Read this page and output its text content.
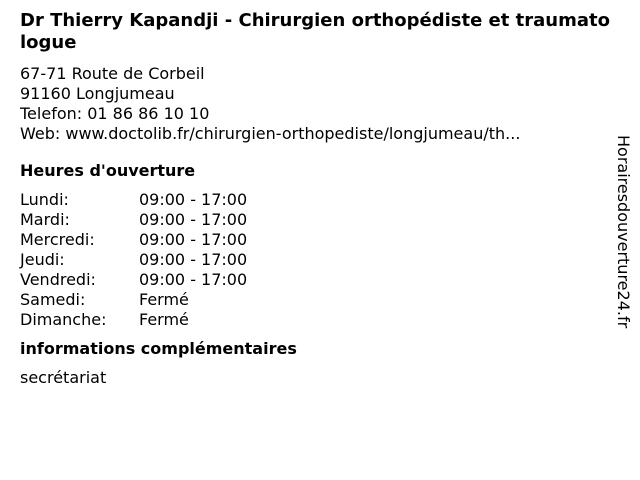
Dr Thierry Kapandji - Chirurgien orthopédiste et traumatologue
67-71 Route de Corbeil
91160 Longjumeau
Telefon: 01 86 86 10 10
Web: www.doctolib.fr/chirurgien-orthopediste/longjumeau/th...
Heures d'ouverture
Lundi:	09:00 - 17:00
Mardi:	09:00 - 17:00
Mercredi:	09:00 - 17:00
Jeudi:	09:00 - 17:00
Vendredi:	09:00 - 17:00
Samedi:	Fermé
Dimanche:	Fermé
informations complémentaires
secrétariat
Horairesdouverture24.fr
